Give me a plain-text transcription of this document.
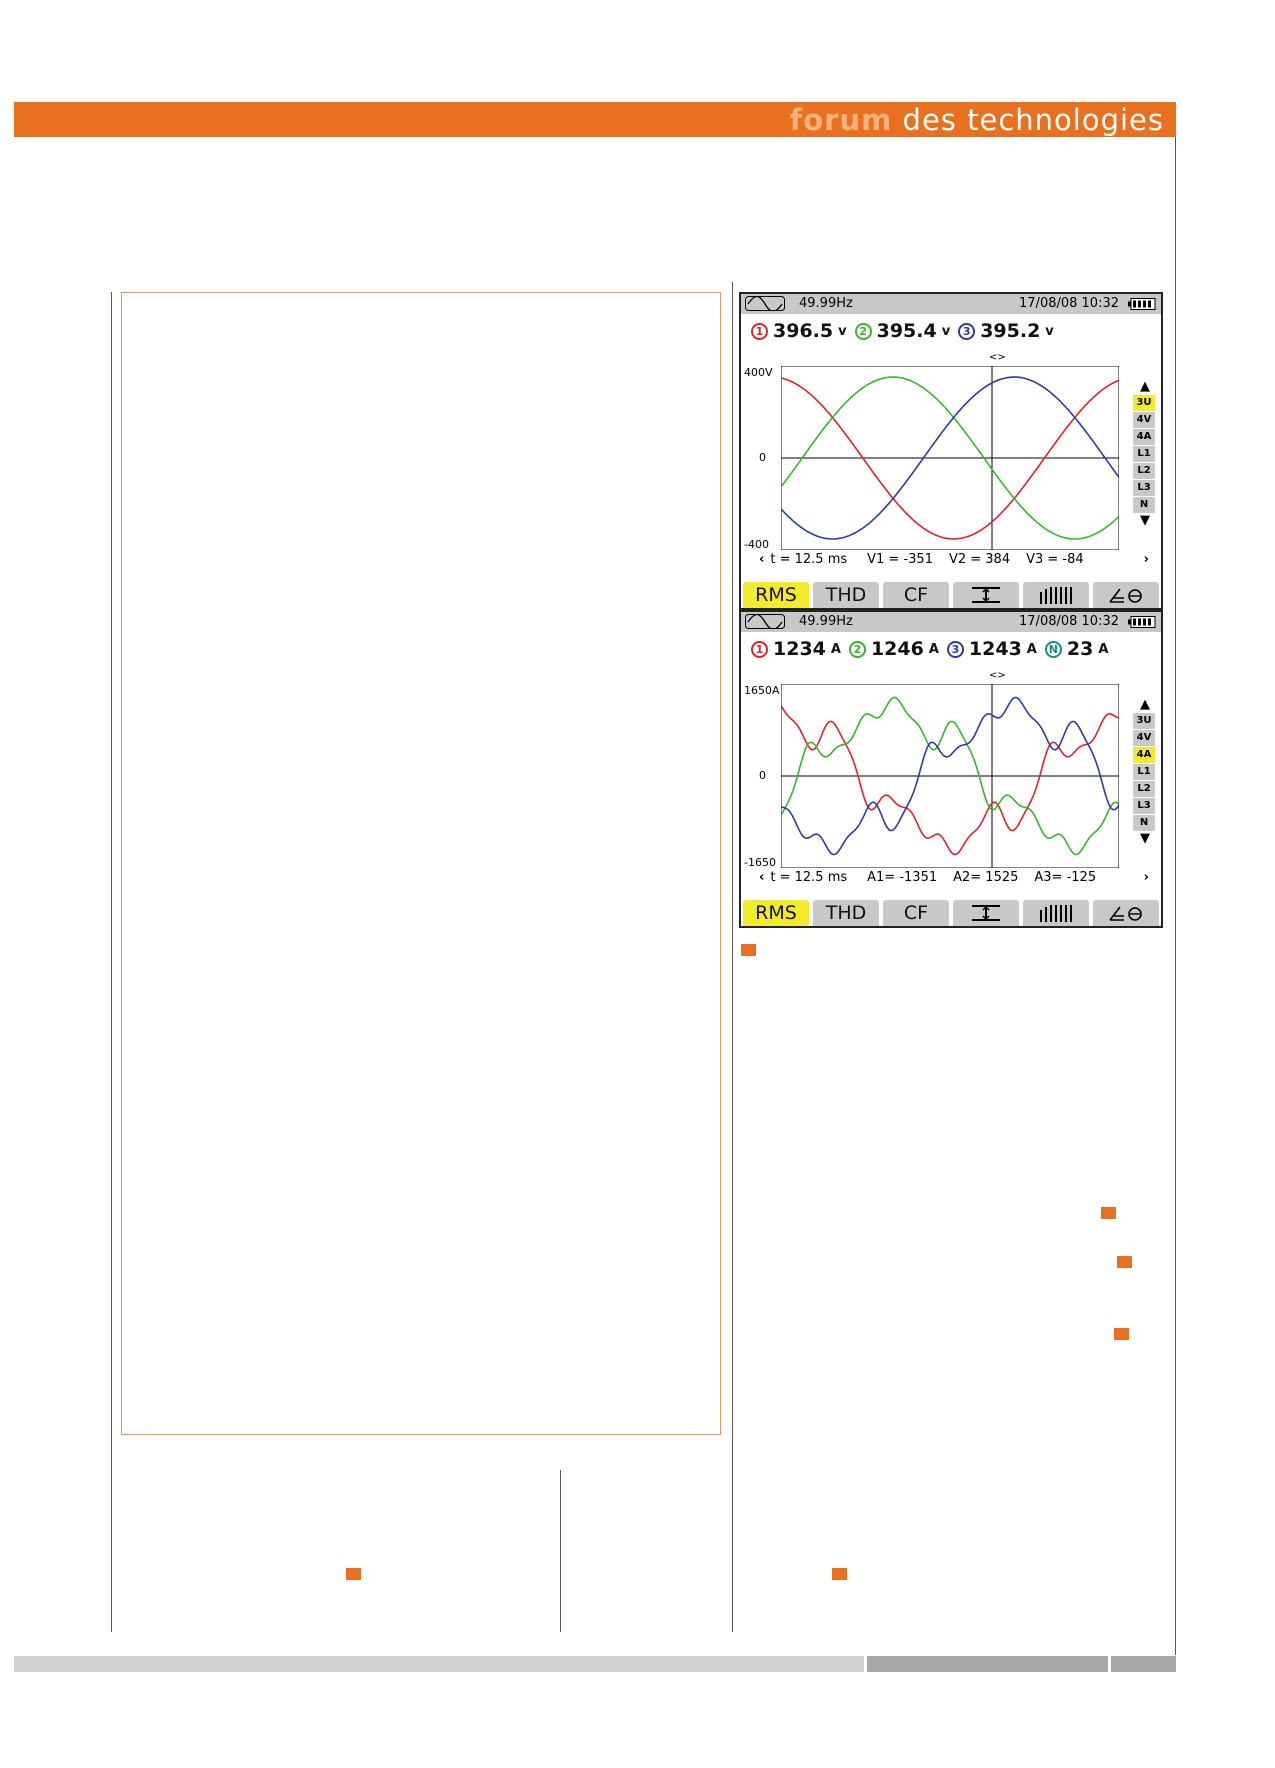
forum des technologies
49.99Hz	17/08/08 10:32
1 396.5 v	2 395.4 v	3 395.2 v
<>
400V
0
-400
▲
3U
4V
4A
L1
L2
L3
N
▼
‹ t = 12.5 ms V1 = -351 V2 = 384 V3 = -84	›
RMS	THD	CF
49.99Hz	17/08/08 10:32
1 1234 A	2 1246 A	3 1243 A	N 23 A
<>
1650A
0
-1650
▲
3U
4V
4A
L1
L2
L3
N
▼
‹ t = 12.5 ms A1= -1351 A2= 1525 A3= -125	›
RMS	THD	CF
